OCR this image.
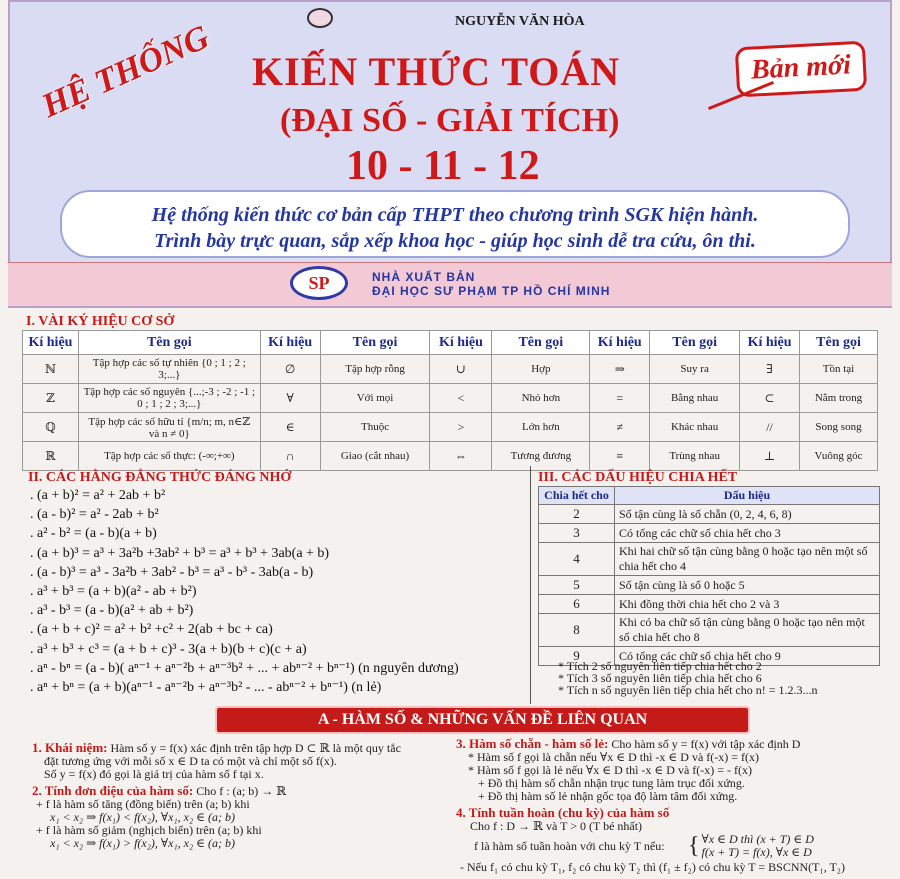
NGUYỄN VĂN HÒA
HỆ THỐNG KIẾN THỨC TOÁN
(ĐẠI SỐ - GIẢI TÍCH)
10 - 11 - 12
Bản mới
Hệ thống kiến thức cơ bản cấp THPT theo chương trình SGK hiện hành.
Trình bày trực quan, sắp xếp khoa học - giúp học sinh dễ tra cứu, ôn thi.
SP	NHÀ XUẤT BẢN
ĐẠI HỌC SƯ PHẠM TP HỒ CHÍ MINH
I. VÀI KÝ HIỆU CƠ SỞ
Kí hiệu	Tên gọi	Kí hiệu	Tên gọi	Kí hiệu	Tên gọi	Kí hiệu	Tên gọi	Kí hiệu	Tên gọi
ℕ	Tập hợp các số tự nhiên {0 ; 1 ; 2 ; 3;...}	∅	Tập hợp rỗng	∪	Hợp	⇒	Suy ra	∃	Tồn tại
ℤ	Tập hợp các số nguyên {...;-3 ; -2 ; -1 ; 0 ; 1 ; 2 ; 3;...}	∀	Với mọi	<	Nhỏ hơn	=	Bằng nhau	⊂	Nằm trong
ℚ	Tập hợp các số hữu tỉ {m/n; m, n∈ℤ và n ≠ 0}	∈	Thuộc	>	Lớn hơn	≠	Khác nhau	//	Song song
ℝ	Tập hợp các số thực: (-∞;+∞)	∩	Giao (cắt nhau)	⇔	Tương đương	≡	Trùng nhau	⊥	Vuông góc
II. CÁC HẰNG ĐẲNG THỨC ĐÁNG NHỚ
. (a + b)² = a² + 2ab + b²
. (a - b)² = a² - 2ab + b²
. a² - b² = (a - b)(a + b)
. (a + b)³ = a³ + 3a²b +3ab² + b³ = a³ + b³ + 3ab(a + b)
. (a - b)³ = a³ - 3a²b + 3ab² - b³ = a³ - b³ - 3ab(a - b)
. a³ + b³ = (a + b)(a² - ab + b²)
. a³ - b³ = (a - b)(a² + ab + b²)
. (a + b + c)² = a² + b² +c² + 2(ab + bc + ca)
. a³ + b³ + c³ = (a + b + c)³ - 3(a + b)(b + c)(c + a)
. aⁿ - bⁿ = (a - b)( aⁿ⁻¹ + aⁿ⁻²b + aⁿ⁻³b² + ... + abⁿ⁻² + bⁿ⁻¹) (n nguyên dương)
. aⁿ + bⁿ = (a + b)(aⁿ⁻¹ - aⁿ⁻²b + aⁿ⁻³b² - ... - abⁿ⁻² + bⁿ⁻¹) (n lẻ)
III. CÁC DẤU HIỆU CHIA HẾT
Chia hết cho	Dấu hiệu
2	Số tận cùng là số chẵn (0, 2, 4, 6, 8)
3	Có tổng các chữ số chia hết cho 3
4	Khi hai chữ số tận cùng bằng 0 hoặc tạo nên một số chia hết cho 4
5	Số tận cùng là số 0 hoặc 5
6	Khi đồng thời chia hết cho 2 và 3
8	Khi có ba chữ số tận cùng bằng 0 hoặc tạo nên một số chia hết cho 8
9	Có tổng các chữ số chia hết cho 9
* Tích 2 số nguyên liên tiếp chia hết cho 2
* Tích 3 số nguyên liên tiếp chia hết cho 6
* Tích n số nguyên liên tiếp chia hết cho n! = 1.2.3...n
A - HÀM SỐ & NHỮNG VẤN ĐỀ LIÊN QUAN
1. Khái niệm: Hàm số y = f(x) xác định trên tập hợp D ⊂ ℝ là một quy tắc
đặt tương ứng với mỗi số x ∈ D ta có một và chỉ một số f(x).
Số y = f(x) đó gọi là giá trị của hàm số f tại x.
2. Tính đơn điệu của hàm số: Cho f : (a; b) → ℝ
+ f là hàm số tăng (đồng biến) trên (a; b) khi
x₁ < x₂ ⇒ f(x₁) < f(x₂), ∀x₁, x₂ ∈ (a; b)
+ f là hàm số giảm (nghịch biến) trên (a; b) khi
x₁ < x₂ ⇒ f(x₁) > f(x₂), ∀x₁, x₂ ∈ (a; b)
3. Hàm số chẵn - hàm số lẻ: Cho hàm số y = f(x) với tập xác định D
* Hàm số f gọi là chẵn nếu ∀x ∈ D thì -x ∈ D và f(-x) = f(x)
* Hàm số f gọi là lẻ nếu ∀x ∈ D thì -x ∈ D và f(-x) = - f(x)
+ Đồ thị hàm số chẵn nhận trục tung làm trục đối xứng.
+ Đồ thị hàm số lẻ nhận gốc tọa độ làm tâm đối xứng.
4. Tính tuần hoàn (chu kỳ) của hàm số
Cho f : D → ℝ và T > 0 (T bé nhất)
f là hàm số tuần hoàn với chu kỳ T nếu: { ∀x ∈ D thì (x + T) ∈ D
f(x + T) = f(x), ∀x ∈ D
- Nếu f₁ có chu kỳ T₁, f₂ có chu kỳ T₂ thì (f₁ ± f₂) có chu kỳ T = BSCNN(T₁, T₂)
